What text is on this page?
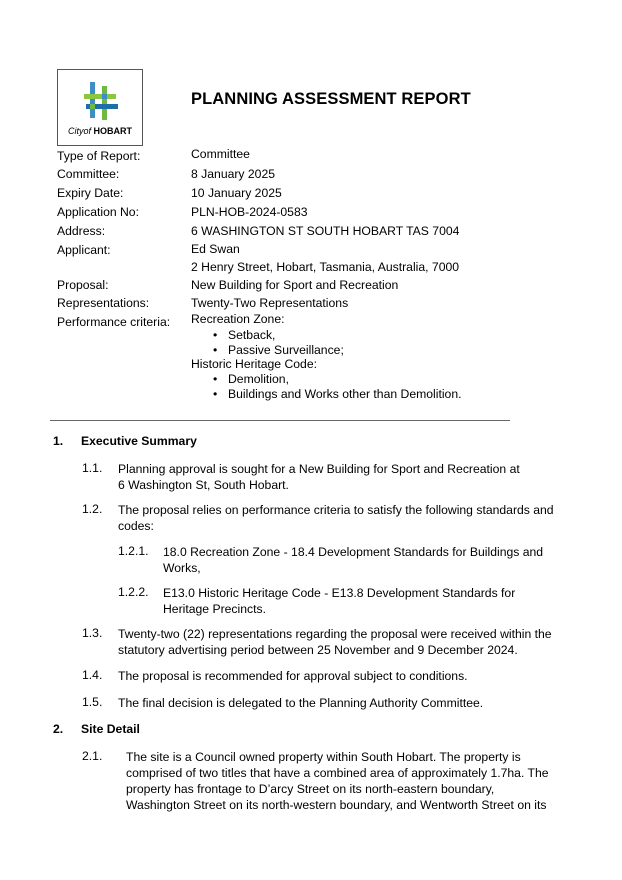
Cityof HOBART
PLANNING ASSESSMENT REPORT
Type of Report:	Committee
Committee:	8 January 2025
Expiry Date:	10 January 2025
Application No:	PLN-HOB-2024-0583
Address:	6 WASHINGTON ST SOUTH HOBART TAS 7004
Applicant:	Ed Swan
2 Henry Street, Hobart, Tasmania, Australia, 7000
Proposal:	New Building for Sport and Recreation
Representations:	Twenty-Two Representations
Performance criteria: Recreation Zone:
• Setback,
• Passive Surveillance;
Historic Heritage Code:
• Demolition,
• Buildings and Works other than Demolition.
1. Executive Summary
1.1. Planning approval is sought for a New Building for Sport and Recreation at
6 Washington St, South Hobart.
1.2. The proposal relies on performance criteria to satisfy the following standards and
codes:
1.2.1. 18.0 Recreation Zone - 18.4 Development Standards for Buildings and
Works,
1.2.2. E13.0 Historic Heritage Code - E13.8 Development Standards for
Heritage Precincts.
1.3. Twenty-two (22) representations regarding the proposal were received within the
statutory advertising period between 25 November and 9 December 2024.
1.4. The proposal is recommended for approval subject to conditions.
1.5. The final decision is delegated to the Planning Authority Committee.
2. Site Detail
2.1. The site is a Council owned property within South Hobart. The property is
comprised of two titles that have a combined area of approximately 1.7ha. The
property has frontage to D’arcy Street on its north-eastern boundary,
Washington Street on its north-western boundary, and Wentworth Street on its
